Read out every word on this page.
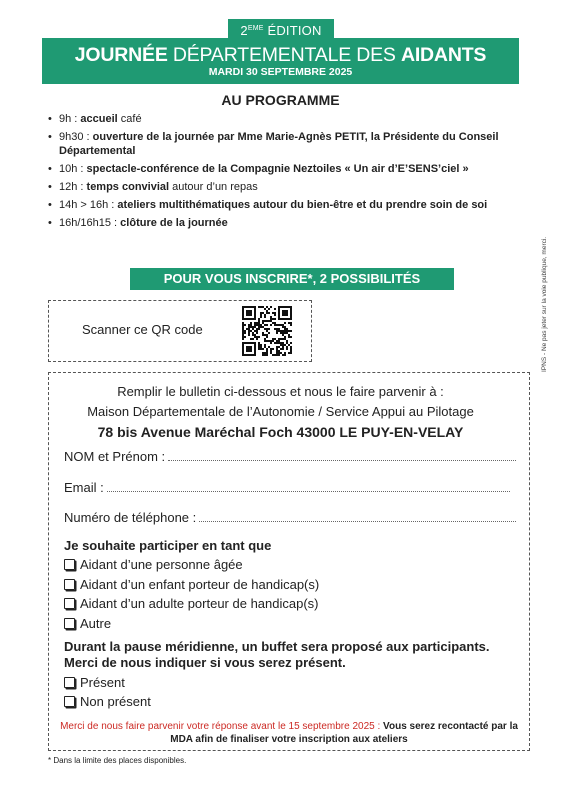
2EME ÉDITION
JOURNÉE DÉPARTEMENTALE DES AIDANTS
MARDI 30 SEPTEMBRE 2025
AU PROGRAMME
• 9h : accueil café
• 9h30 : ouverture de la journée par Mme Marie-Agnès PETIT, la Présidente du Conseil Départemental
• 10h : spectacle-conférence de la Compagnie Neztoiles « Un air d’E’SENS’ciel »
• 12h : temps convivial autour d’un repas
• 14h > 16h : ateliers multithématiques autour du bien-être et du prendre soin de soi
• 16h/16h15 : clôture de la journée
IPNS - Ne pas jeter sur la voie publique, merci.
POUR VOUS INSCRIRE*, 2 POSSIBILITÉS
Scanner ce QR code
Remplir le bulletin ci-dessous et nous le faire parvenir à :
Maison Départementale de l’Autonomie / Service Appui au Pilotage
78 bis Avenue Maréchal Foch 43000 LE PUY-EN-VELAY
NOM et Prénom :
Email :
Numéro de téléphone :
Je souhaite participer en tant que
Aidant d’une personne âgée
Aidant d’un enfant porteur de handicap(s)
Aidant d’un adulte porteur de handicap(s)
Autre
Durant la pause méridienne, un buffet sera proposé aux participants.
Merci de nous indiquer si vous serez présent.
Présent
Non présent
Merci de nous faire parvenir votre réponse avant le 15 septembre 2025 : Vous serez recontacté par la MDA afin de finaliser votre inscription aux ateliers
* Dans la limite des places disponibles.
